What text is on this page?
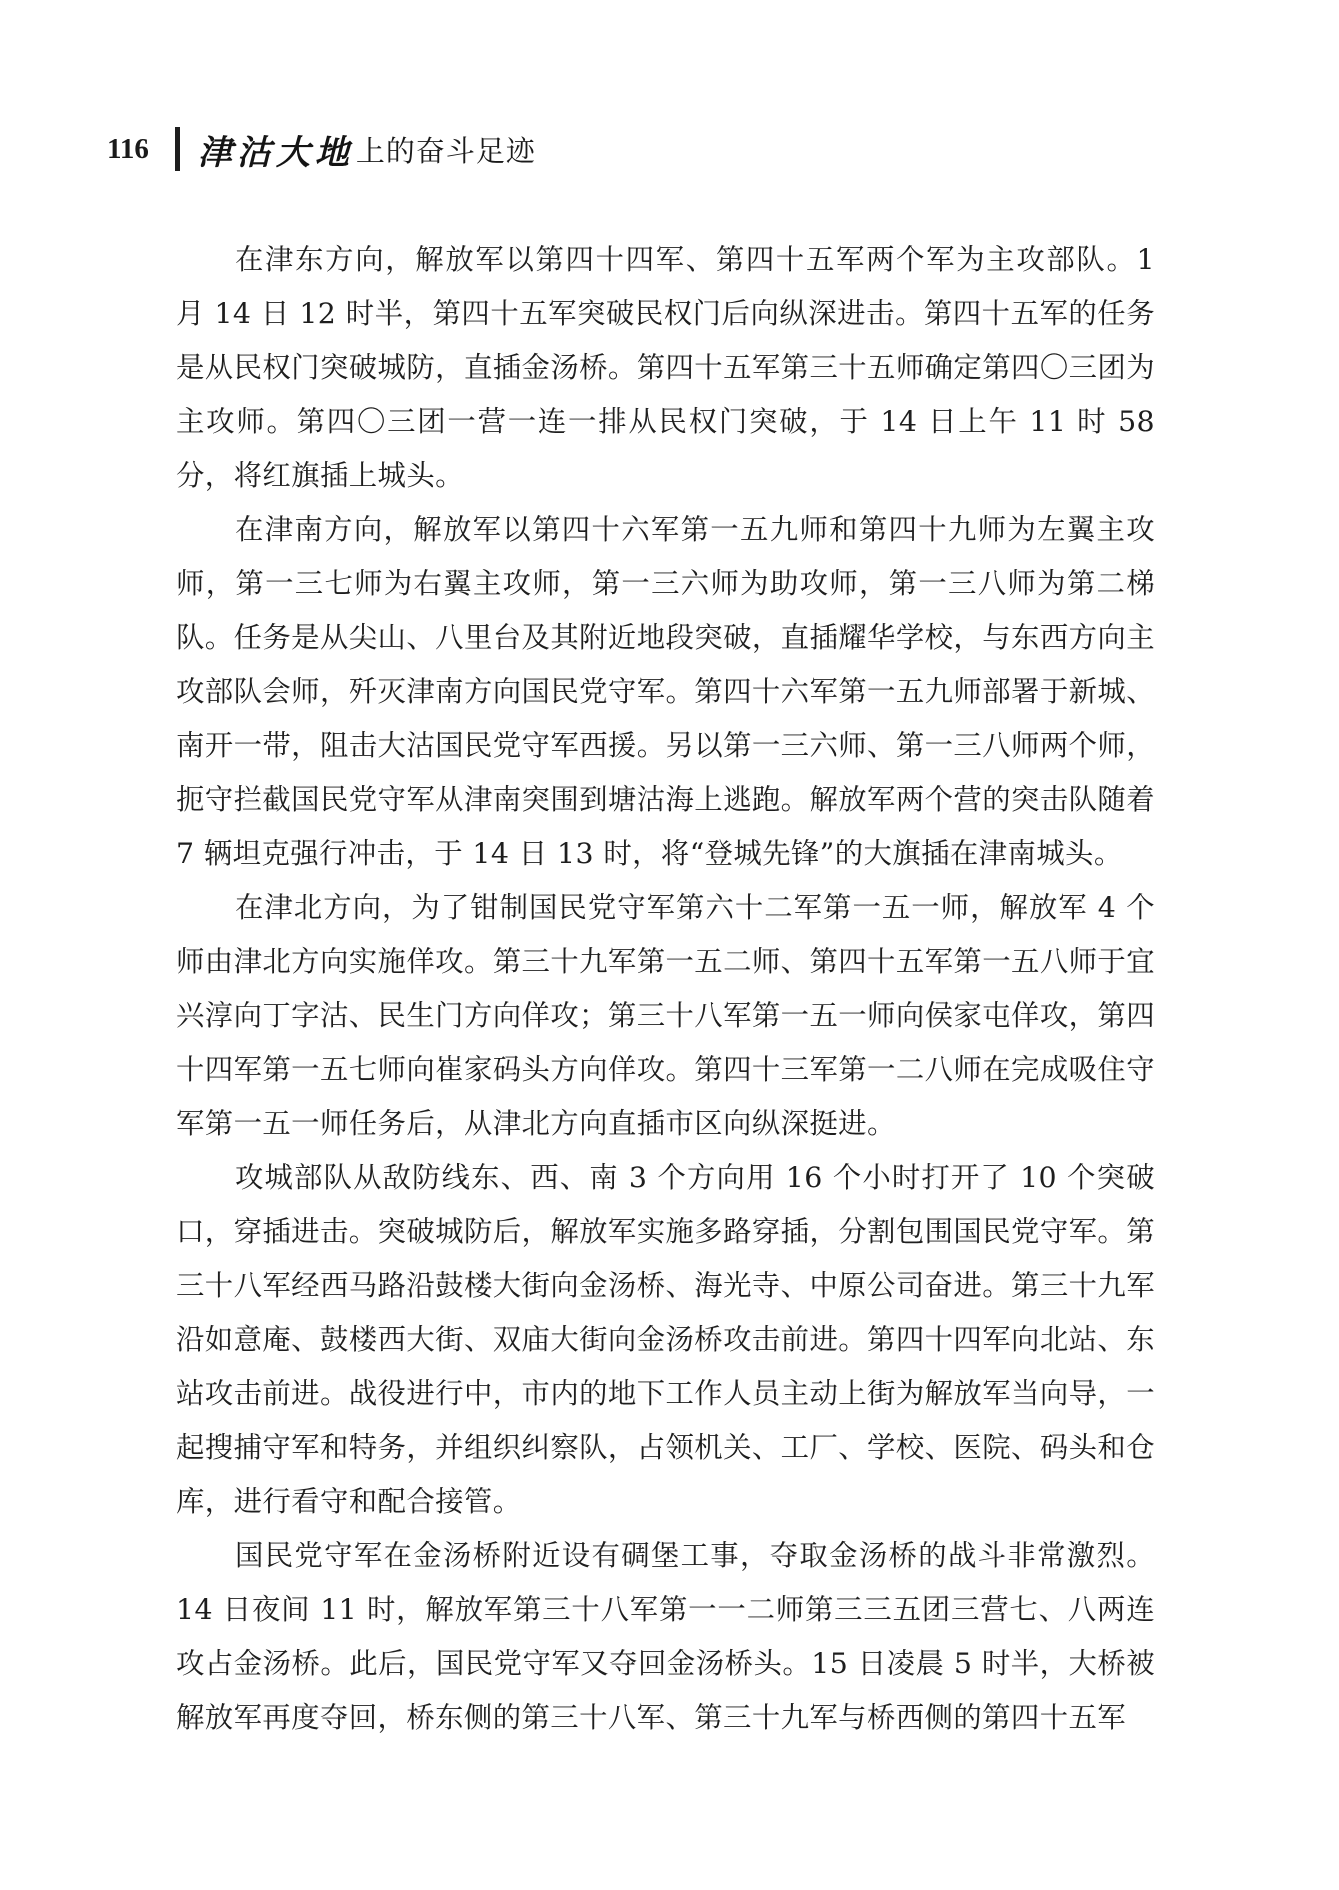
116 津沽大地 上的奋斗足迹

在津东方向，解放军以第四十四军、第四十五军两个军为主攻部队。1 月 14 日 12 时半，第四十五军突破民权门后向纵深进击。第四十五军的任务是从民权门突破城防，直插金汤桥。第四十五军第三十五师确定第四〇三团为主攻师。第四〇三团一营一连一排从民权门突破，于 14 日上午 11 时 58 分，将红旗插上城头。

在津南方向，解放军以第四十六军第一五九师和第四十九师为左翼主攻师，第一三七师为右翼主攻师，第一三六师为助攻师，第一三八师为第二梯队。任务是从尖山、八里台及其附近地段突破，直插耀华学校，与东西方向主攻部队会师，歼灭津南方向国民党守军。第四十六军第一五九师部署于新城、南开一带，阻击大沽国民党守军西援。另以第一三六师、第一三八师两个师，扼守拦截国民党守军从津南突围到塘沽海上逃跑。解放军两个营的突击队随着 7 辆坦克强行冲击，于 14 日 13 时，将“登城先锋”的大旗插在津南城头。

在津北方向，为了钳制国民党守军第六十二军第一五一师，解放军 4 个师由津北方向实施佯攻。第三十九军第一五二师、第四十五军第一五八师于宜兴淳向丁字沽、民生门方向佯攻；第三十八军第一五一师向侯家屯佯攻，第四十四军第一五七师向崔家码头方向佯攻。第四十三军第一二八师在完成吸住守军第一五一师任务后，从津北方向直插市区向纵深挺进。

攻城部队从敌防线东、西、南 3 个方向用 16 个小时打开了 10 个突破口，穿插进击。突破城防后，解放军实施多路穿插，分割包围国民党守军。第三十八军经西马路沿鼓楼大街向金汤桥、海光寺、中原公司奋进。第三十九军沿如意庵、鼓楼西大街、双庙大街向金汤桥攻击前进。第四十四军向北站、东站攻击前进。战役进行中，市内的地下工作人员主动上街为解放军当向导，一起搜捕守军和特务，并组织纠察队，占领机关、工厂、学校、医院、码头和仓库，进行看守和配合接管。

国民党守军在金汤桥附近设有碉堡工事，夺取金汤桥的战斗非常激烈。14 日夜间 11 时，解放军第三十八军第一一二师第三三五团三营七、八两连攻占金汤桥。此后，国民党守军又夺回金汤桥头。15 日凌晨 5 时半，大桥被解放军再度夺回，桥东侧的第三十八军、第三十九军与桥西侧的第四十五军
